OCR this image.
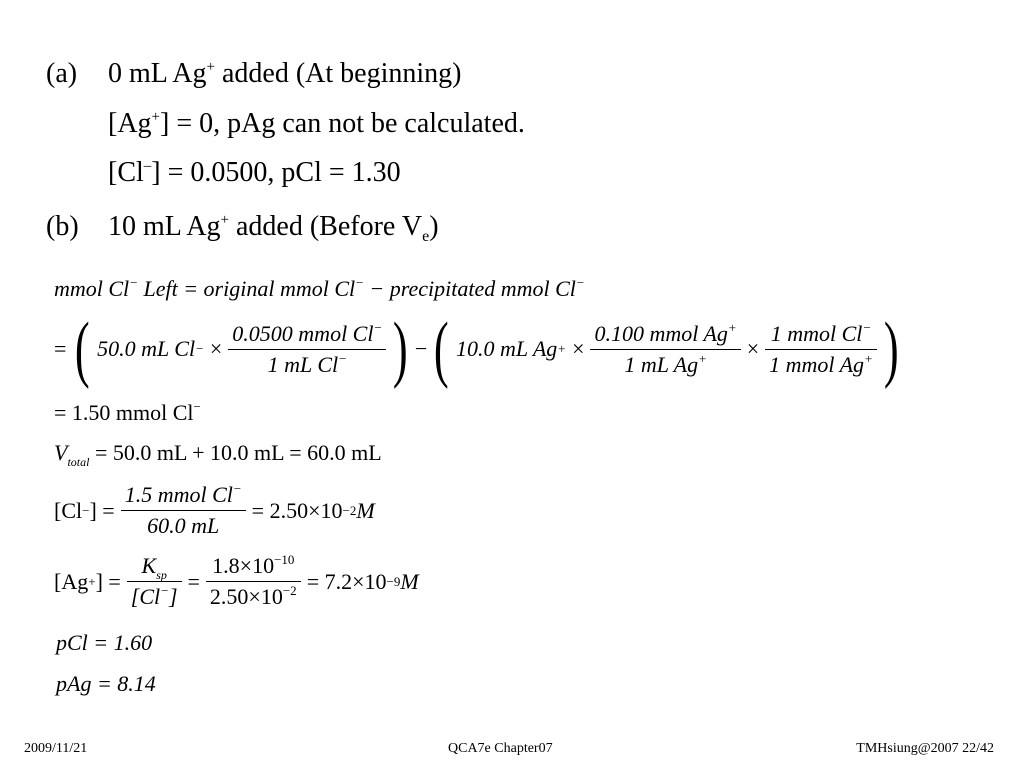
(a) 0 mL Ag+ added (At beginning)
[Ag+] = 0, pAg can not be calculated.
[Cl–] = 0.0500, pCl = 1.30
(b) 10 mL Ag+ added (Before $V_e$)
mmol Cl− Left = original mmol Cl− − precipitated mmol Cl−
= ( 50.0 mL Cl − × $\frac{0.0500 mmol Cl^-}{1 mL Cl^-}$ ) − ( 10.0 mL Ag + × $\frac{0.100 mmol Ag^+}{1 mL Ag^+} \times \frac{1 mmol Cl^-}{1 mmol Ag^+}$ )
= 1.50 mmol Cl−
$V_{total} = 50.0$ mL + 10.0 mL = 60.0 mL
[Cl − ] = $\frac{1.5 mmol Cl^-}{60.0 mL} = 2.50\times 10 -2$ M
[Ag + ] = $\frac{K_{sp}}{[Cl^-]} = \frac{1.8\times 10^{-10}}{2.50\times 10^{-2}} = 7.2\times 10 -9$ M
pCl = 1.60
pAg = 8.14
2009/11/21	QCA7e Chapter07	TMHsiung@2007 22/42
